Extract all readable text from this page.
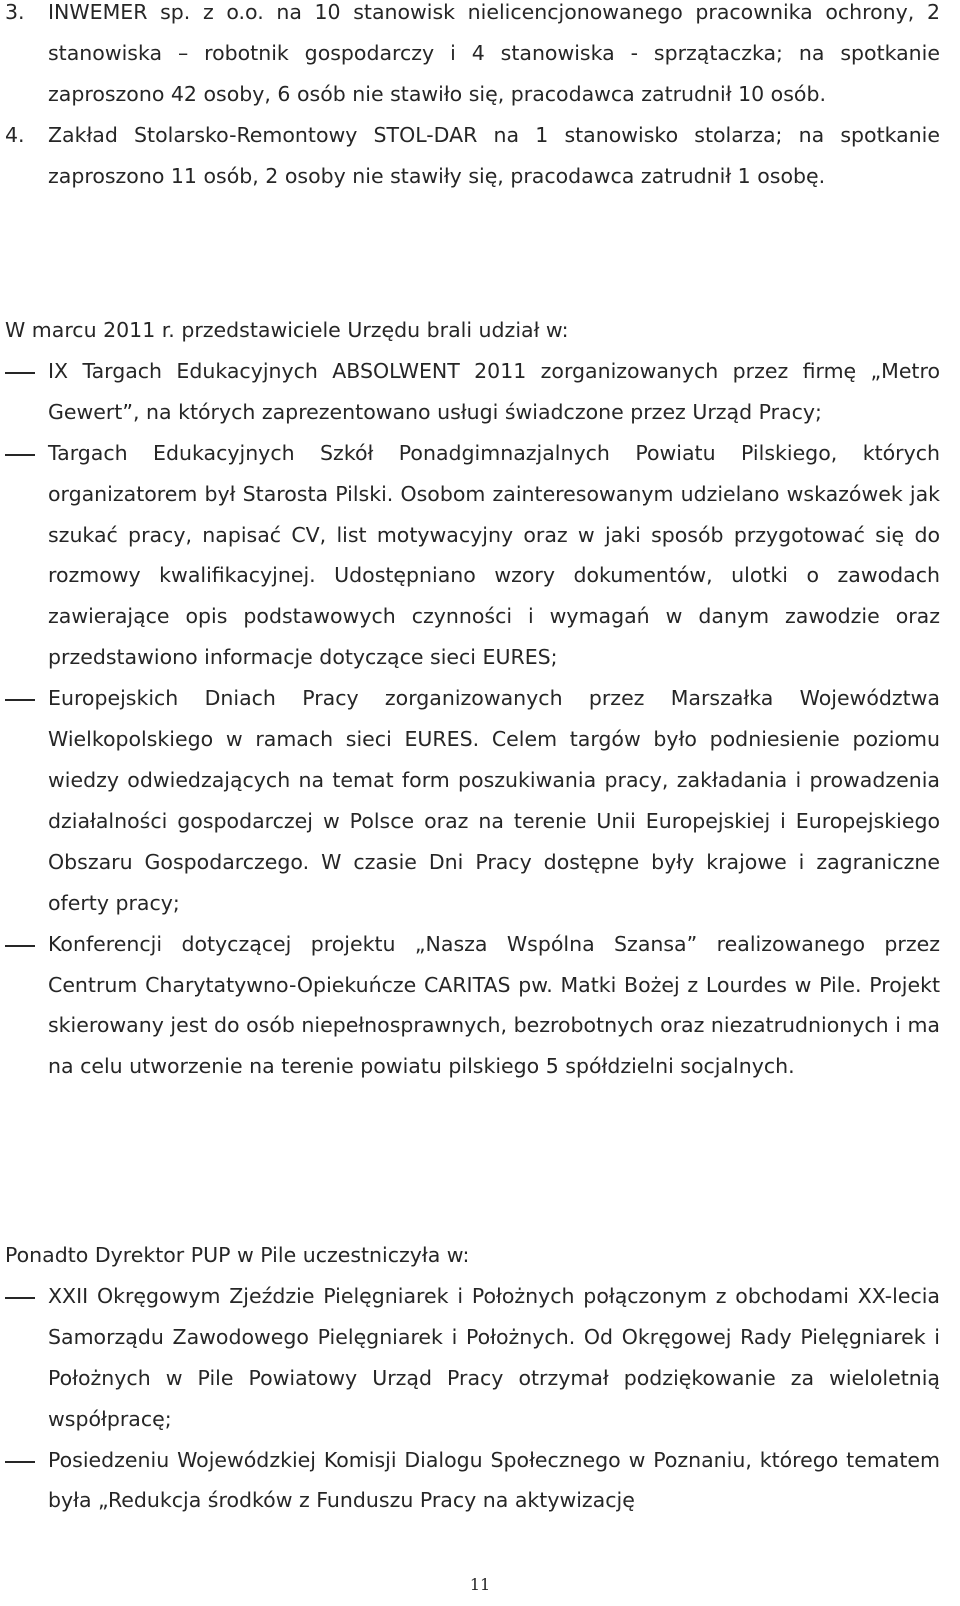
3. INWEMER sp. z o.o. na 10 stanowisk nielicencjonowanego pracownika ochrony, 2 stanowiska – robotnik gospodarczy i 4 stanowiska - sprzątaczka; na spotkanie zaproszono 42 osoby, 6 osób nie stawiło się, pracodawca zatrudnił 10 osób.
4. Zakład Stolarsko-Remontowy STOL-DAR na 1 stanowisko stolarza; na spotkanie zaproszono 11 osób, 2 osoby nie stawiły się, pracodawca zatrudnił 1 osobę.
W marcu 2011 r. przedstawiciele Urzędu brali udział w:
IX Targach Edukacyjnych ABSOLWENT 2011 zorganizowanych przez firmę „Metro Gewert”, na których zaprezentowano usługi świadczone przez Urząd Pracy;
Targach Edukacyjnych Szkół Ponadgimnazjalnych Powiatu Pilskiego, których organizatorem był Starosta Pilski. Osobom zainteresowanym udzielano wskazówek jak szukać pracy, napisać CV, list motywacyjny oraz w jaki sposób przygotować się do rozmowy kwalifikacyjnej. Udostępniano wzory dokumentów, ulotki o zawodach zawierające opis podstawowych czynności i wymagań w danym zawodzie oraz przedstawiono informacje dotyczące sieci EURES;
Europejskich Dniach Pracy zorganizowanych przez Marszałka Województwa Wielkopolskiego w ramach sieci EURES. Celem targów było podniesienie poziomu wiedzy odwiedzających na temat form poszukiwania pracy, zakładania i prowadzenia działalności gospodarczej w Polsce oraz na terenie Unii Europejskiej i Europejskiego Obszaru Gospodarczego. W czasie Dni Pracy dostępne były krajowe i zagraniczne oferty pracy;
Konferencji dotyczącej projektu „Nasza Wspólna Szansa” realizowanego przez Centrum Charytatywno-Opiekuńcze CARITAS pw. Matki Bożej z Lourdes w Pile. Projekt skierowany jest do osób niepełnosprawnych, bezrobotnych oraz niezatrudnionych i ma na celu utworzenie na terenie powiatu pilskiego 5 spółdzielni socjalnych.
Ponadto Dyrektor PUP w Pile uczestniczyła w:
XXII Okręgowym Zjeździe Pielęgniarek i Położnych połączonym z obchodami XX-lecia Samorządu Zawodowego Pielęgniarek i Położnych. Od Okręgowej Rady Pielęgniarek i Położnych w Pile Powiatowy Urząd Pracy otrzymał podziękowanie za wieloletnią współpracę;
Posiedzeniu Wojewódzkiej Komisji Dialogu Społecznego w Poznaniu, którego tematem była „Redukcja środków z Funduszu Pracy na aktywizację
11
